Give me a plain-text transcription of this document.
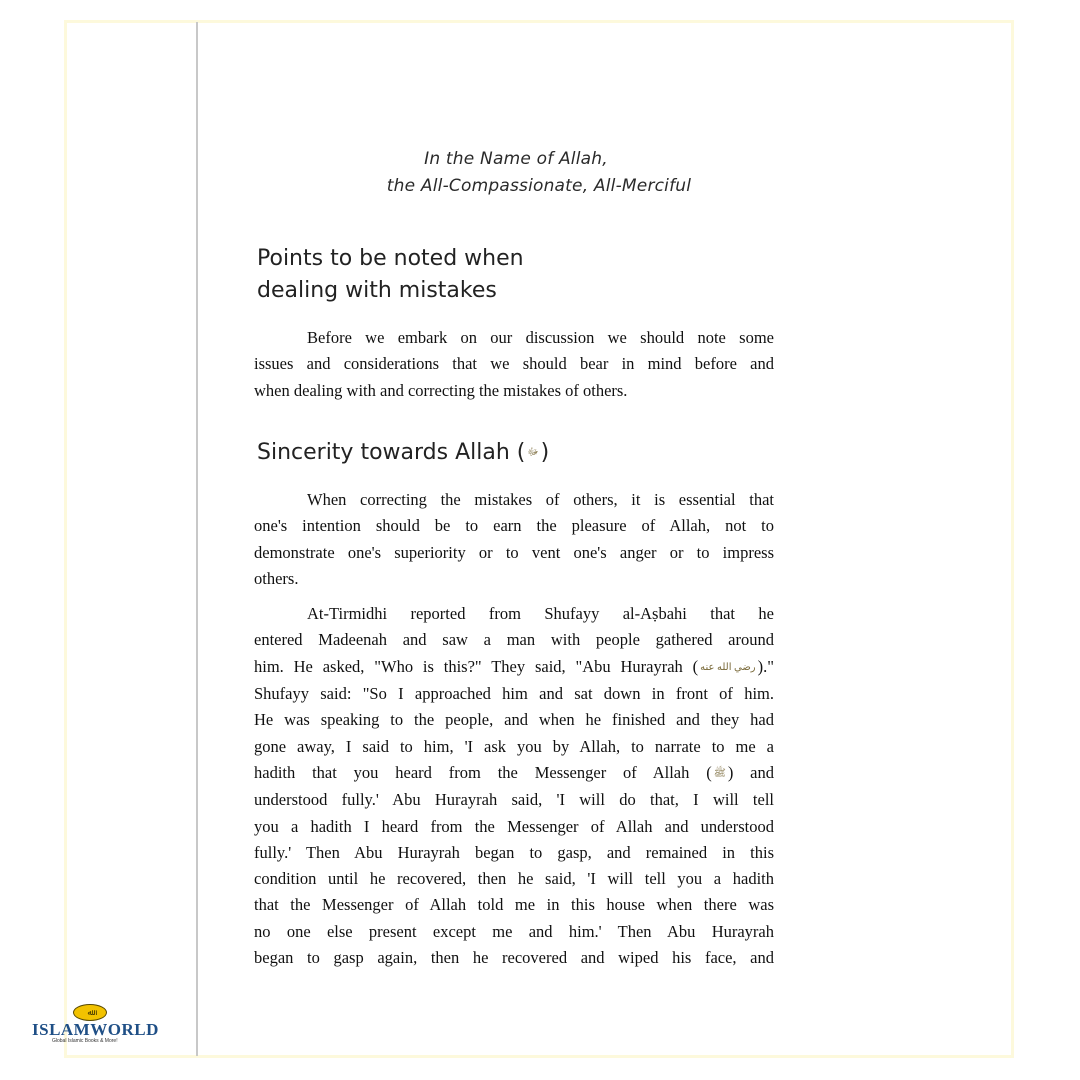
In the Name of Allah,
the All-Compassionate, All-Merciful
Points to be noted when
dealing with mistakes

Before we embark on our discussion we should note some
issues and considerations that we should bear in mind before and
when dealing with and correcting the mistakes of others.

Sincerity towards Allah ( ﷻ)

When correcting the mistakes of others, it is essential that
one's intention should be to earn the pleasure of Allah, not to
demonstrate one's superiority or to vent one's anger or to impress
others.

At-Tirmidhi reported from Shufayy al-Aṣbahi that he
entered Madeenah and saw a man with people gathered around
him. He asked, "Who is this?" They said, "Abu Hurayrah ( رضي الله عنه )."
Shufayy said: "So I approached him and sat down in front of him.
He was speaking to the people, and when he finished and they had
gone away, I said to him, 'I ask you by Allah, to narrate to me a
hadith that you heard from the Messenger of Allah ( ﷺ ) and
understood fully.' Abu Hurayrah said, 'I will do that, I will tell
you a hadith I heard from the Messenger of Allah and understood
fully.' Then Abu Hurayrah began to gasp, and remained in this
condition until he recovered, then he said, 'I will tell you a hadith
that the Messenger of Allah told me in this house when there was
no one else present except me and him.' Then Abu Hurayrah
began to gasp again, then he recovered and wiped his face, and

ﷲ
ISLAMWORLD
Global Islamic Books & More!
